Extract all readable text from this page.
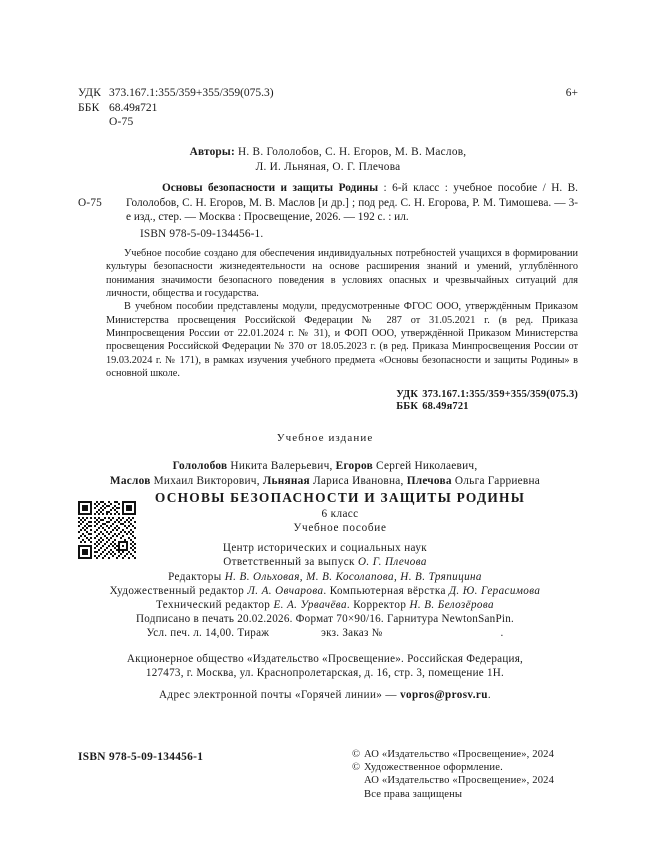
УДК 373.167.1:355/359+355/359(075.3)
ББК 68.49я721
О-75
6+
Авторы: Н. В. Гололобов, С. Н. Егоров, М. В. Маслов,
Л. И. Льняная, О. Г. Плечова
О-75

Основы безопасности и защиты Родины : 6-й класс : учебное пособие / Н. В. Гололобов, С. Н. Егоров, М. В. Маслов [и др.] ; под ред. С. Н. Егорова, Р. М. Тимошева. — 3-е изд., стер. — Москва : Просвещение, 2026. — 192 с. : ил.

ISBN 978-5-09-134456-1.

Учебное пособие создано для обеспечения индивидуальных потребностей учащихся в формировании культуры безопасности жизнедеятельности на основе расширения знаний и умений, углублённого понимания значимости безопасного поведения в условиях опасных и чрезвычайных ситуаций для личности, общества и государства.

В учебном пособии представлены модули, предусмотренные ФГОС ООО, утверждённым Приказом Министерства просвещения Российской Федерации № 287 от 31.05.2021 г. (в ред. Приказа Минпросвещения России от 22.01.2024 г. № 31), и ФОП ООО, утверждённой Приказом Министерства просвещения Российской Федерации № 370 от 18.05.2023 г. (в ред. Приказа Минпросвещения России от 19.03.2024 г. № 171), в рамках изучения учебного предмета «Основы безопасности и защиты Родины» в основной школе.

УДК 373.167.1:355/359+355/359(075.3)
ББК 68.49я721
Учебное издание
Гололобов Никита Валерьевич, Егоров Сергей Николаевич,
Маслов Михаил Викторович, Льняная Лариса Ивановна, Плечова Ольга Гарриевна
ОСНОВЫ БЕЗОПАСНОСТИ И ЗАЩИТЫ РОДИНЫ
6 класс
Учебное пособие
Центр исторических и социальных наук
Ответственный за выпуск О. Г. Плечова
Редакторы Н. В. Ольховая, М. В. Косолапова, Н. В. Тряпицина
Художественный редактор Л. А. Овчарова. Компьютерная вёрстка Д. Ю. Герасимова
Технический редактор Е. А. Урвачёва. Корректор Н. В. Белозёрова
Подписано в печать 20.02.2026. Формат 70×90/16. Гарнитура NewtonSanPin.
Усл. печ. л. 14,00. Тираж	экз. Заказ №	.
Акционерное общество «Издательство «Просвещение». Российская Федерация,
127473, г. Москва, ул. Краснопролетарская, д. 16, стр. 3, помещение 1Н.
Адрес электронной почты «Горячей линии» — vopros@prosv.ru.
ISBN 978-5-09-134456-1	© АО «Издательство «Просвещение», 2024
© Художественное оформление.
АО «Издательство «Просвещение», 2024
Все права защищены
